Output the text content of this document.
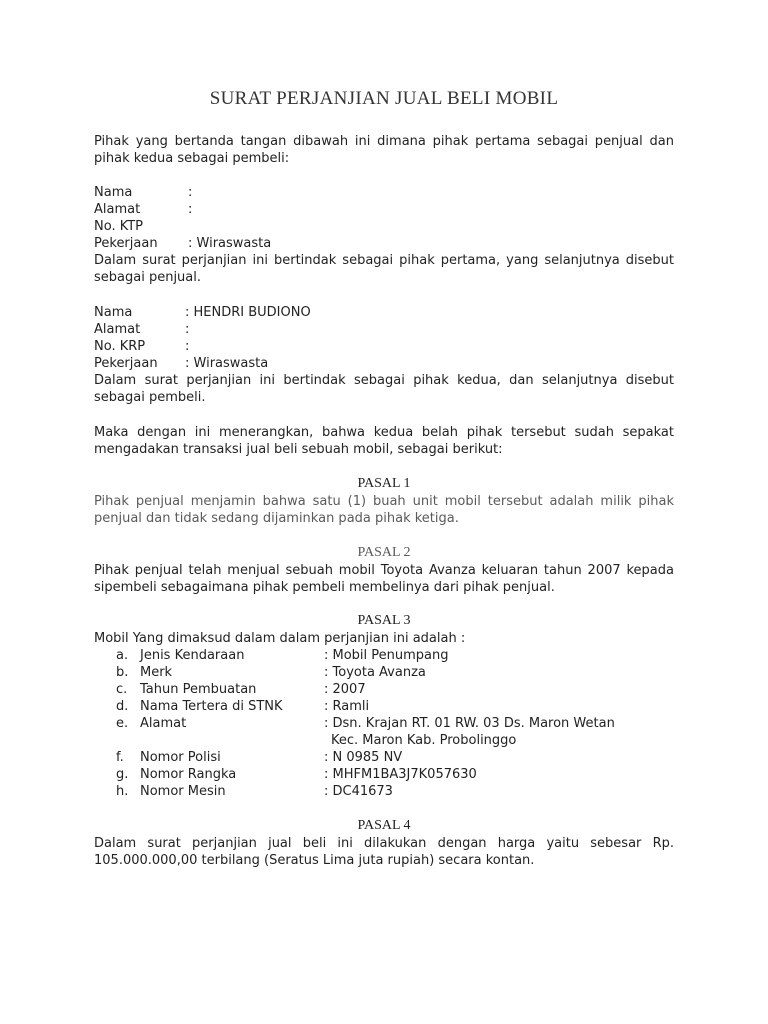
SURAT PERJANJIAN JUAL BELI MOBIL
Pihak yang bertanda tangan dibawah ini dimana pihak pertama sebagai penjual dan
pihak kedua sebagai pembeli:
Nama	:
Alamat	:
No. KTP
Pekerjaan : Wiraswasta
Dalam surat perjanjian ini bertindak sebagai pihak pertama, yang selanjutnya disebut
sebagai penjual.
Nama	: HENDRI BUDIONO
Alamat	:
No. KRP	:
Pekerjaan : Wiraswasta
Dalam surat perjanjian ini bertindak sebagai pihak kedua, dan selanjutnya disebut
sebagai pembeli.
Maka dengan ini menerangkan, bahwa kedua belah pihak tersebut sudah sepakat
mengadakan transaksi jual beli sebuah mobil, sebagai berikut:
PASAL 1
Pihak penjual menjamin bahwa satu (1) buah unit mobil tersebut adalah milik pihak
penjual dan tidak sedang dijaminkan pada pihak ketiga.
PASAL 2
Pihak penjual telah menjual sebuah mobil Toyota Avanza keluaran tahun 2007 kepada
sipembeli sebagaimana pihak pembeli membelinya dari pihak penjual.
PASAL 3
Mobil Yang dimaksud dalam dalam perjanjian ini adalah :
a. Jenis Kendaraan	: Mobil Penumpang
b. Merk	: Toyota Avanza
c. Tahun Pembuatan	: 2007
d. Nama Tertera di STNK	: Ramli
e. Alamat	: Dsn. Krajan RT. 01 RW. 03 Ds. Maron Wetan
Kec. Maron Kab. Probolinggo
f. Nomor Polisi	: N 0985 NV
g. Nomor Rangka	: MHFM1BA3J7K057630
h. Nomor Mesin	: DC41673
PASAL 4
Dalam surat perjanjian jual beli ini dilakukan dengan harga yaitu sebesar Rp.
105.000.000,00 terbilang (Seratus Lima juta rupiah) secara kontan.
